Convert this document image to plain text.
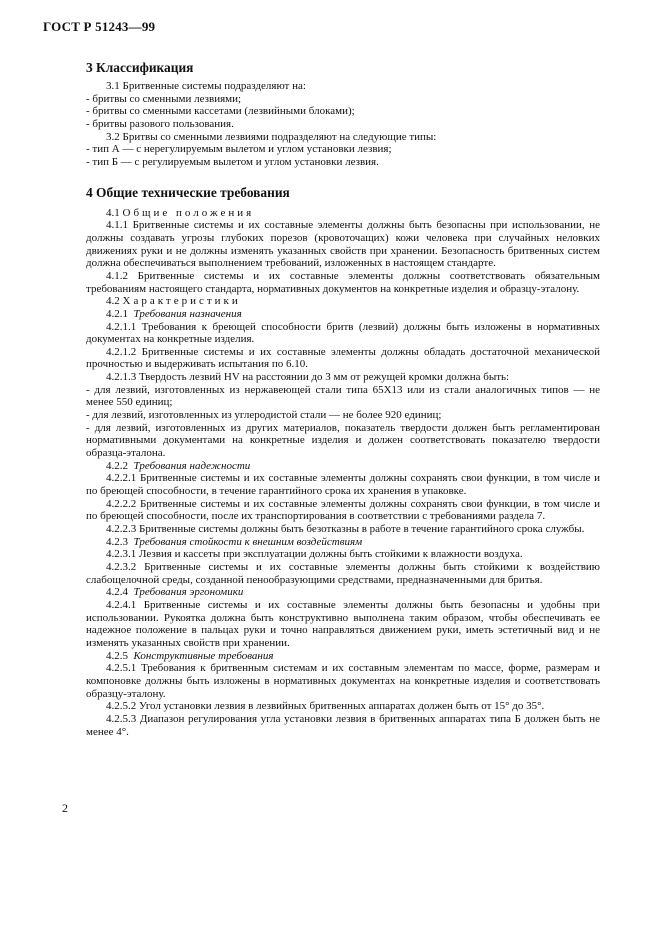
ГОСТ Р 51243—99
3 Классификация

3.1 Бритвенные системы подразделяют на:

- бритвы со сменными лезвиями;

- бритвы со сменными кассетами (лезвийными блоками);

- бритвы разового пользования.

3.2 Бритвы со сменными лезвиями подразделяют на следующие типы:

- тип А — с нерегулируемым вылетом и углом установки лезвия;

- тип Б — с регулируемым вылетом и углом установки лезвия.

4 Общие технические требования

4.1 Общие положения

4.1.1 Бритвенные системы и их составные элементы должны быть безопасны при использовании, не должны создавать угрозы глубоких порезов (кровоточащих) кожи человека при случайных неловких движениях руки и не должны изменять указанных свойств при хранении. Безопасность бритвенных систем должна обеспечиваться выполнением требований, изложенных в настоящем стандарте.

4.1.2 Бритвенные системы и их составные элементы должны соответствовать обязательным требованиям настоящего стандарта, нормативных документов на конкретные изделия и образцу-эталону.

4.2 Характеристики

4.2.1 Требования назначения

4.2.1.1 Требования к бреющей способности бритв (лезвий) должны быть изложены в нормативных документах на конкретные изделия.

4.2.1.2 Бритвенные системы и их составные элементы должны обладать достаточной механической прочностью и выдерживать испытания по 6.10.

4.2.1.3 Твердость лезвий HV на расстоянии до 3 мм от режущей кромки должна быть:

- для лезвий, изготовленных из нержавеющей стали типа 65Х13 или из стали аналогичных типов — не менее 550 единиц;

- для лезвий, изготовленных из углеродистой стали — не более 920 единиц;

- для лезвий, изготовленных из других материалов, показатель твердости должен быть регламентирован нормативными документами на конкретные изделия и должен соответствовать показателю твердости образца-эталона.

4.2.2 Требования надежности

4.2.2.1 Бритвенные системы и их составные элементы должны сохранять свои функции, в том числе и по бреющей способности, в течение гарантийного срока их хранения в упаковке.

4.2.2.2 Бритвенные системы и их составные элементы должны сохранять свои функции, в том числе и по бреющей способности, после их транспортирования в соответствии с требованиями раздела 7.

4.2.2.3 Бритвенные системы должны быть безотказны в работе в течение гарантийного срока службы.

4.2.3 Требования стойкости к внешним воздействиям

4.2.3.1 Лезвия и кассеты при эксплуатации должны быть стойкими к влажности воздуха.

4.2.3.2 Бритвенные системы и их составные элементы должны быть стойкими к воздействию слабощелочной среды, созданной пенообразующими средствами, предназначенными для бритья.

4.2.4 Требования эргономики

4.2.4.1 Бритвенные системы и их составные элементы должны быть безопасны и удобны при использовании. Рукоятка должна быть конструктивно выполнена таким образом, чтобы обеспечивать ее надежное положение в пальцах руки и точно направляться движением руки, иметь эстетичный вид и не изменять указанных свойств при хранении.

4.2.5 Конструктивные требования

4.2.5.1 Требования к бритвенным системам и их составным элементам по массе, форме, размерам и компоновке должны быть изложены в нормативных документах на конкретные изделия и соответствовать образцу-эталону.

4.2.5.2 Угол установки лезвия в лезвийных бритвенных аппаратах должен быть от 15° до 35°.

4.2.5.3 Диапазон регулирования угла установки лезвия в бритвенных аппаратах типа Б должен быть не менее 4°.

2
